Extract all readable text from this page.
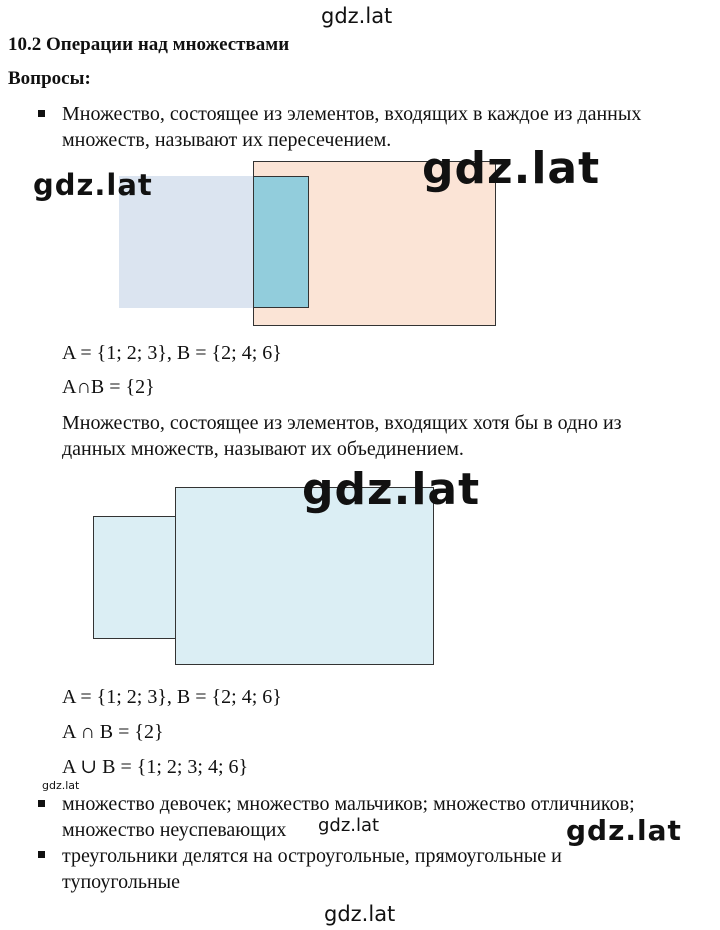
gdz.lat
10.2 Операции над множествами
Вопросы:
Множество, состоящее из элементов, входящих в каждое из данных
множеств, называют их пересечением.
gdz.lat	gdz.lat
A = {1; 2; 3}, B = {2; 4; 6}
A∩B = {2}
Множество, состоящее из элементов, входящих хотя бы в одно из
данных множеств, называют их объединением.
gdz.lat
A = {1; 2; 3}, B = {2; 4; 6}
A ∩ B = {2}
A ∪ B = {1; 2; 3; 4; 6}
gdz.lat
множество девочек; множество мальчиков; множество отличников;
множество неуспевающих gdz.lat	gdz.lat
треугольники делятся на остроугольные, прямоугольные и
тупоугольные
gdz.lat
